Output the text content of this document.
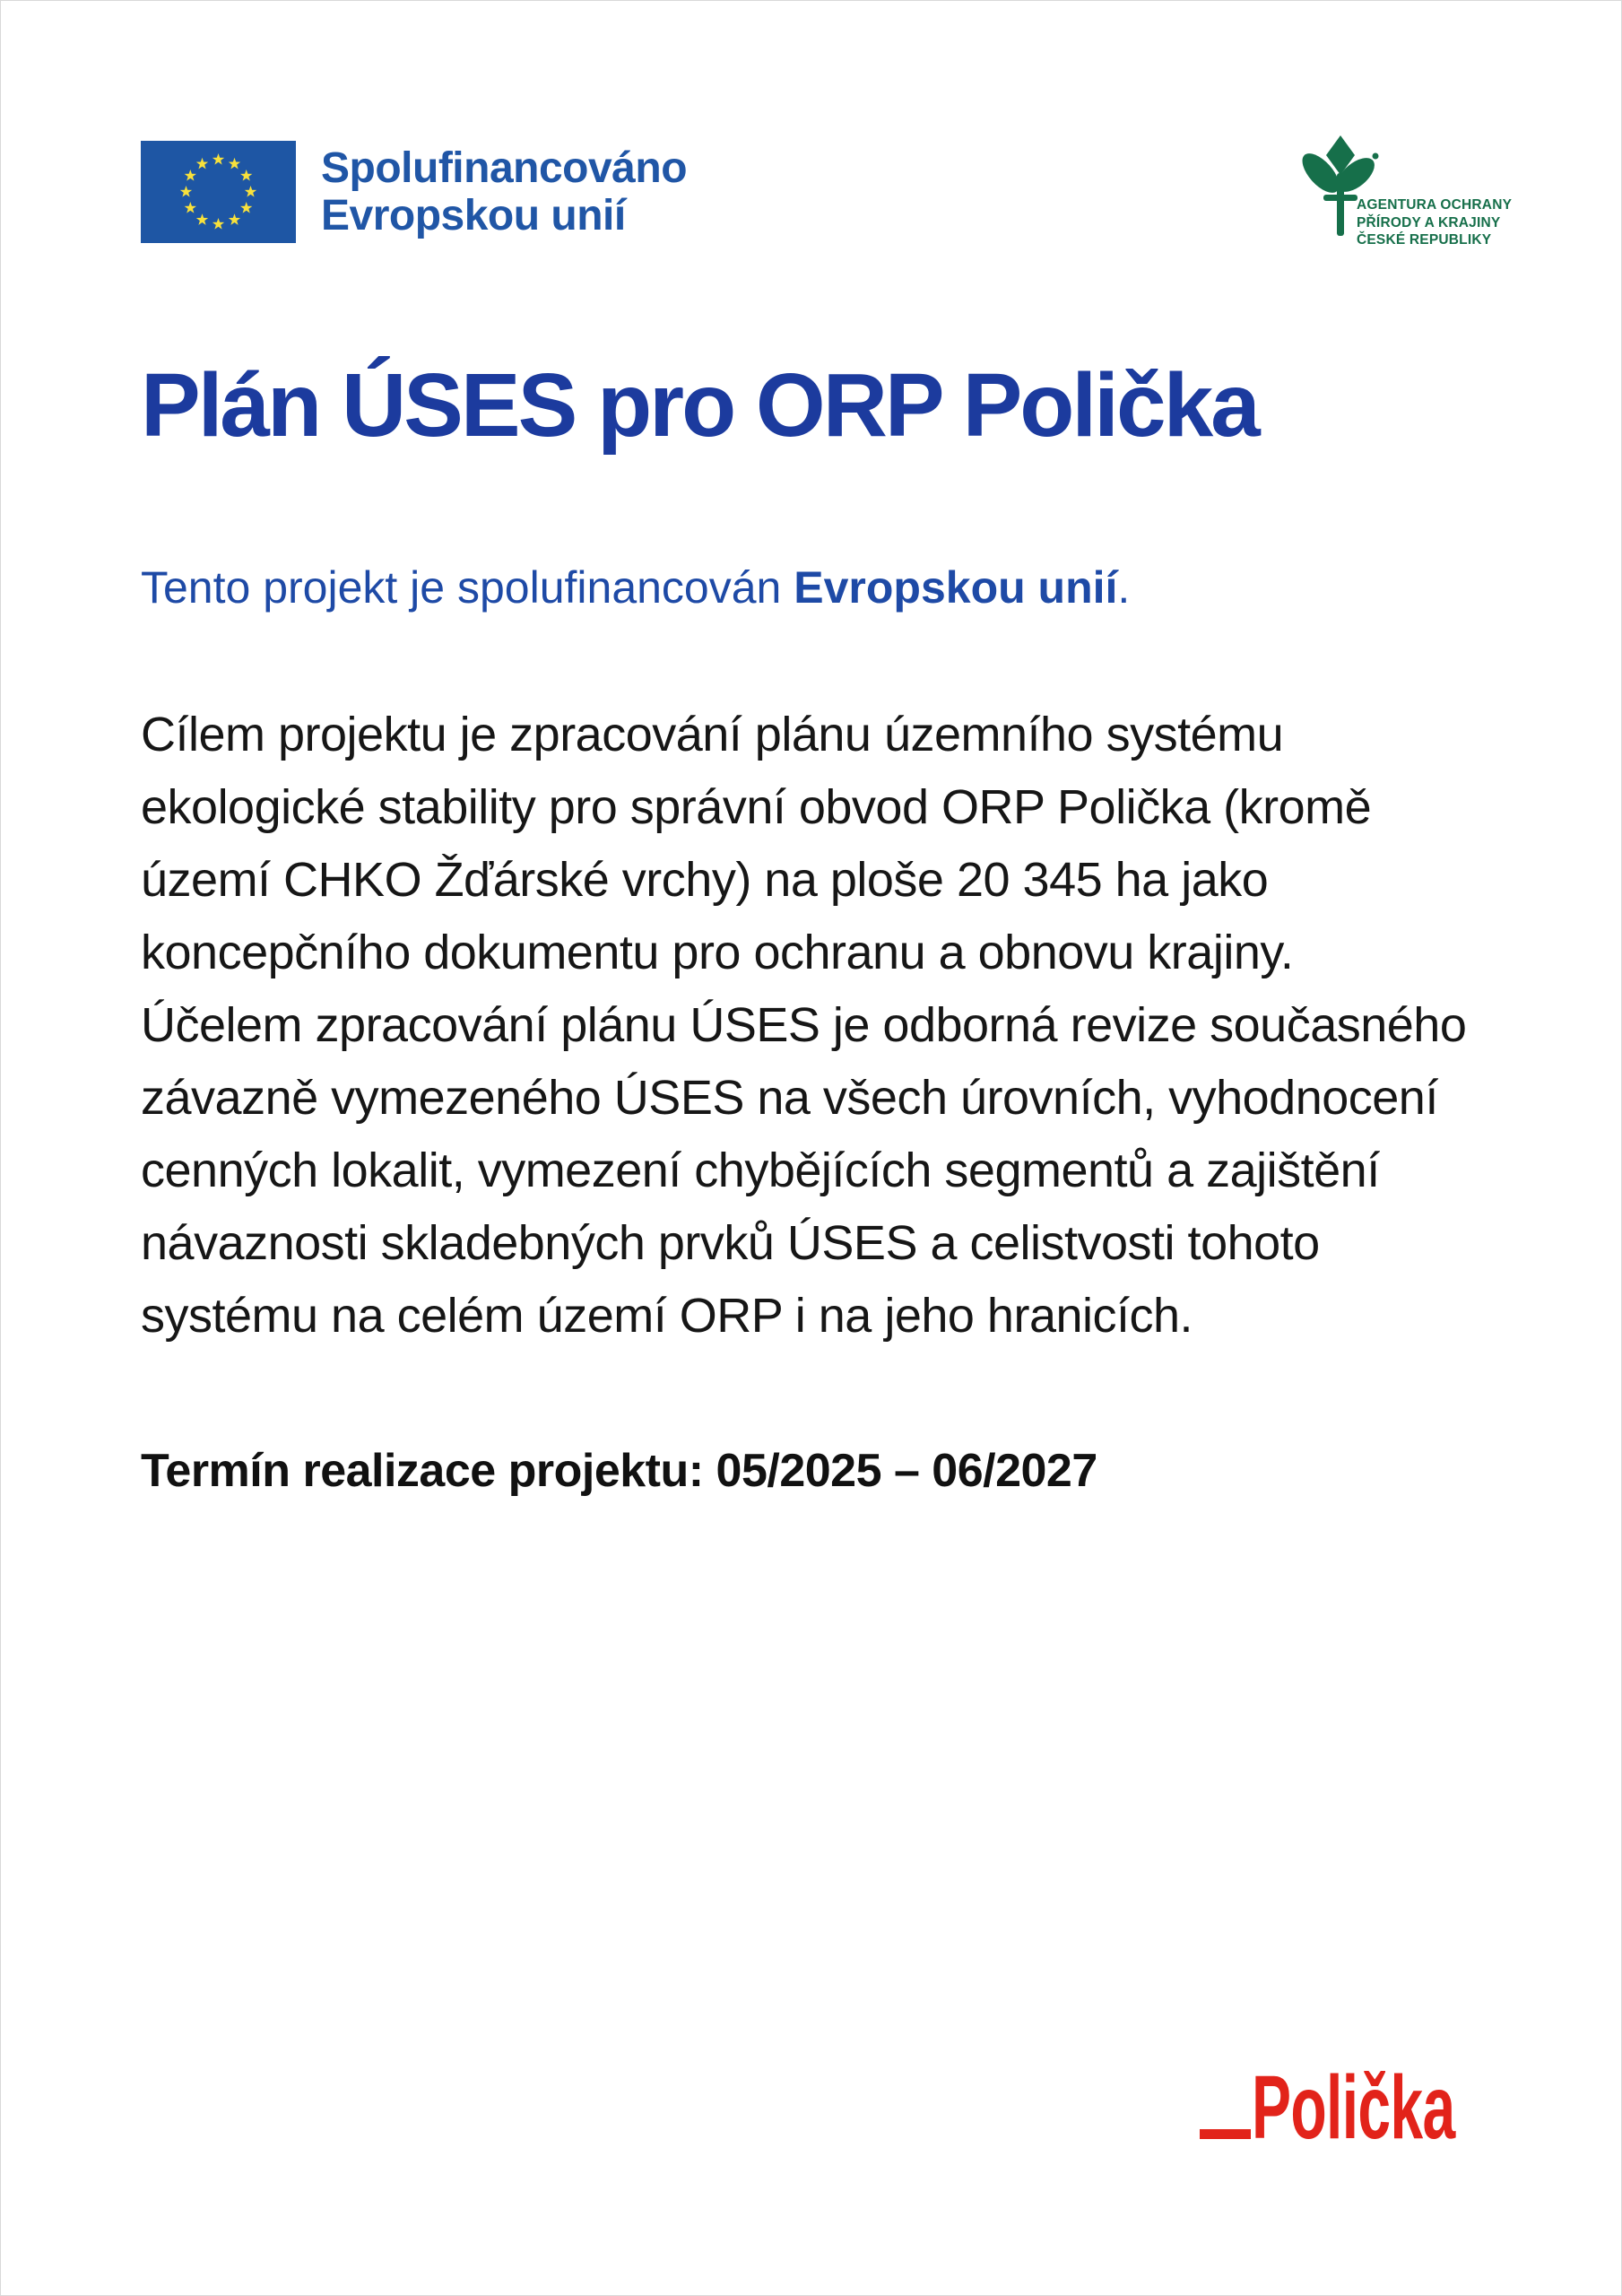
Spolufinancováno
Evropskou unií	AGENTURA OCHRANY
PŘÍRODY A KRAJINY
ČESKÉ REPUBLIKY
Plán ÚSES pro ORP Polička
Tento projekt je spolufinancován Evropskou unií.
Cílem projektu je zpracování plánu územního systému
ekologické stability pro správní obvod ORP Polička (kromě
území CHKO Žďárské vrchy) na ploše 20 345 ha jako
koncepčního dokumentu pro ochranu a obnovu krajiny.
Účelem zpracování plánu ÚSES je odborná revize současného
závazně vymezeného ÚSES na všech úrovních, vyhodnocení
cenných lokalit, vymezení chybějících segmentů a zajištění
návaznosti skladebných prvků ÚSES a celistvosti tohoto
systému na celém území ORP i na jeho hranicích.
Termín realizace projektu: 05/2025 – 06/2027
Polička
